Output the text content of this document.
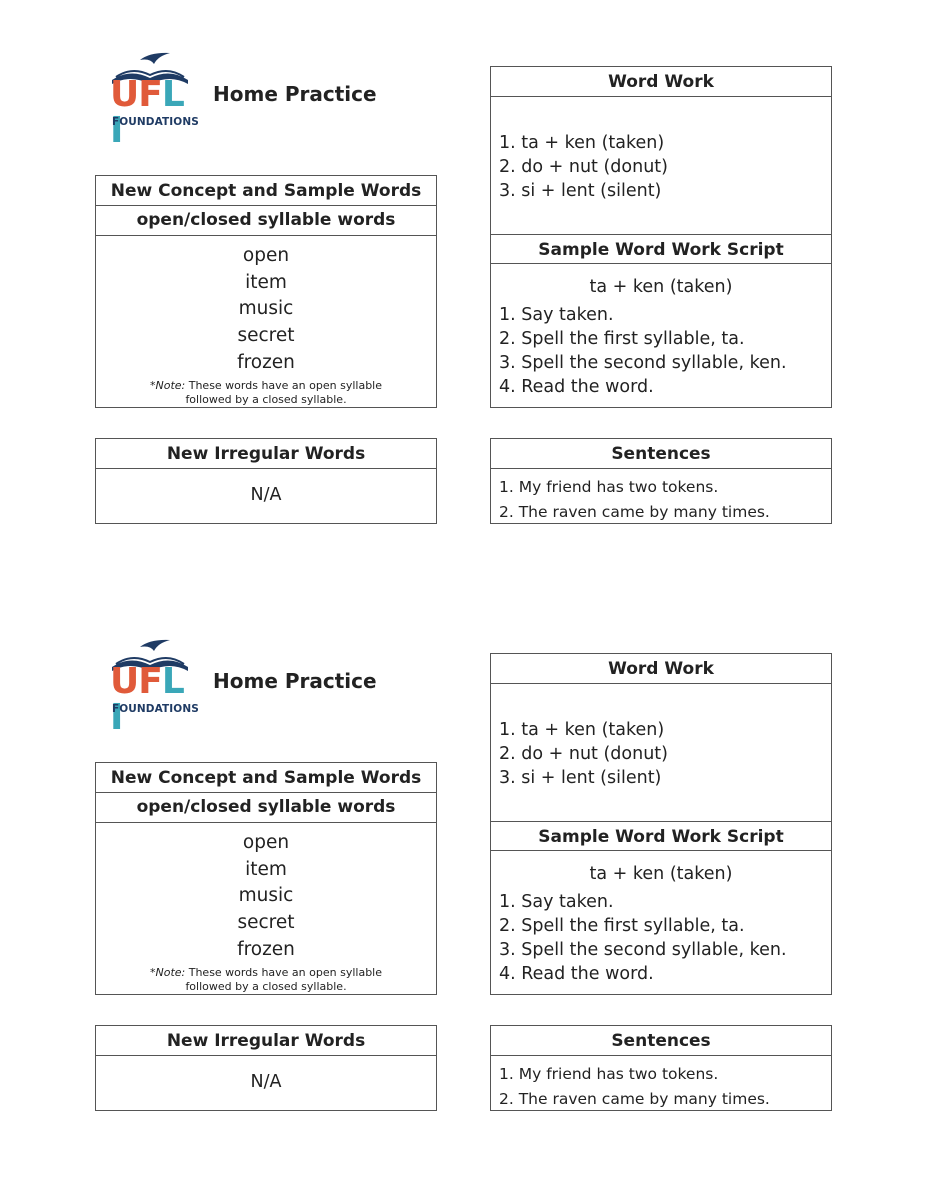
UFLI
FOUNDATIONS
Home Practice
New Concept and Sample Words
open/closed syllable words
open
item
music
secret
frozen
*Note: These words have an open syllable
followed by a closed syllable.
New Irregular Words
N/A
Word Work
1. ta + ken (taken)
2. do + nut (donut)
3. si + lent (silent)
Sample Word Work Script
ta + ken (taken)
1. Say taken.
2. Spell the first syllable, ta.
3. Spell the second syllable, ken.
4. Read the word.
Sentences
1. My friend has two tokens.
2. The raven came by many times.
UFLI
FOUNDATIONS
Home Practice
New Concept and Sample Words
open/closed syllable words
open
item
music
secret
frozen
*Note: These words have an open syllable
followed by a closed syllable.
New Irregular Words
N/A
Word Work
1. ta + ken (taken)
2. do + nut (donut)
3. si + lent (silent)
Sample Word Work Script
ta + ken (taken)
1. Say taken.
2. Spell the first syllable, ta.
3. Spell the second syllable, ken.
4. Read the word.
Sentences
1. My friend has two tokens.
2. The raven came by many times.
